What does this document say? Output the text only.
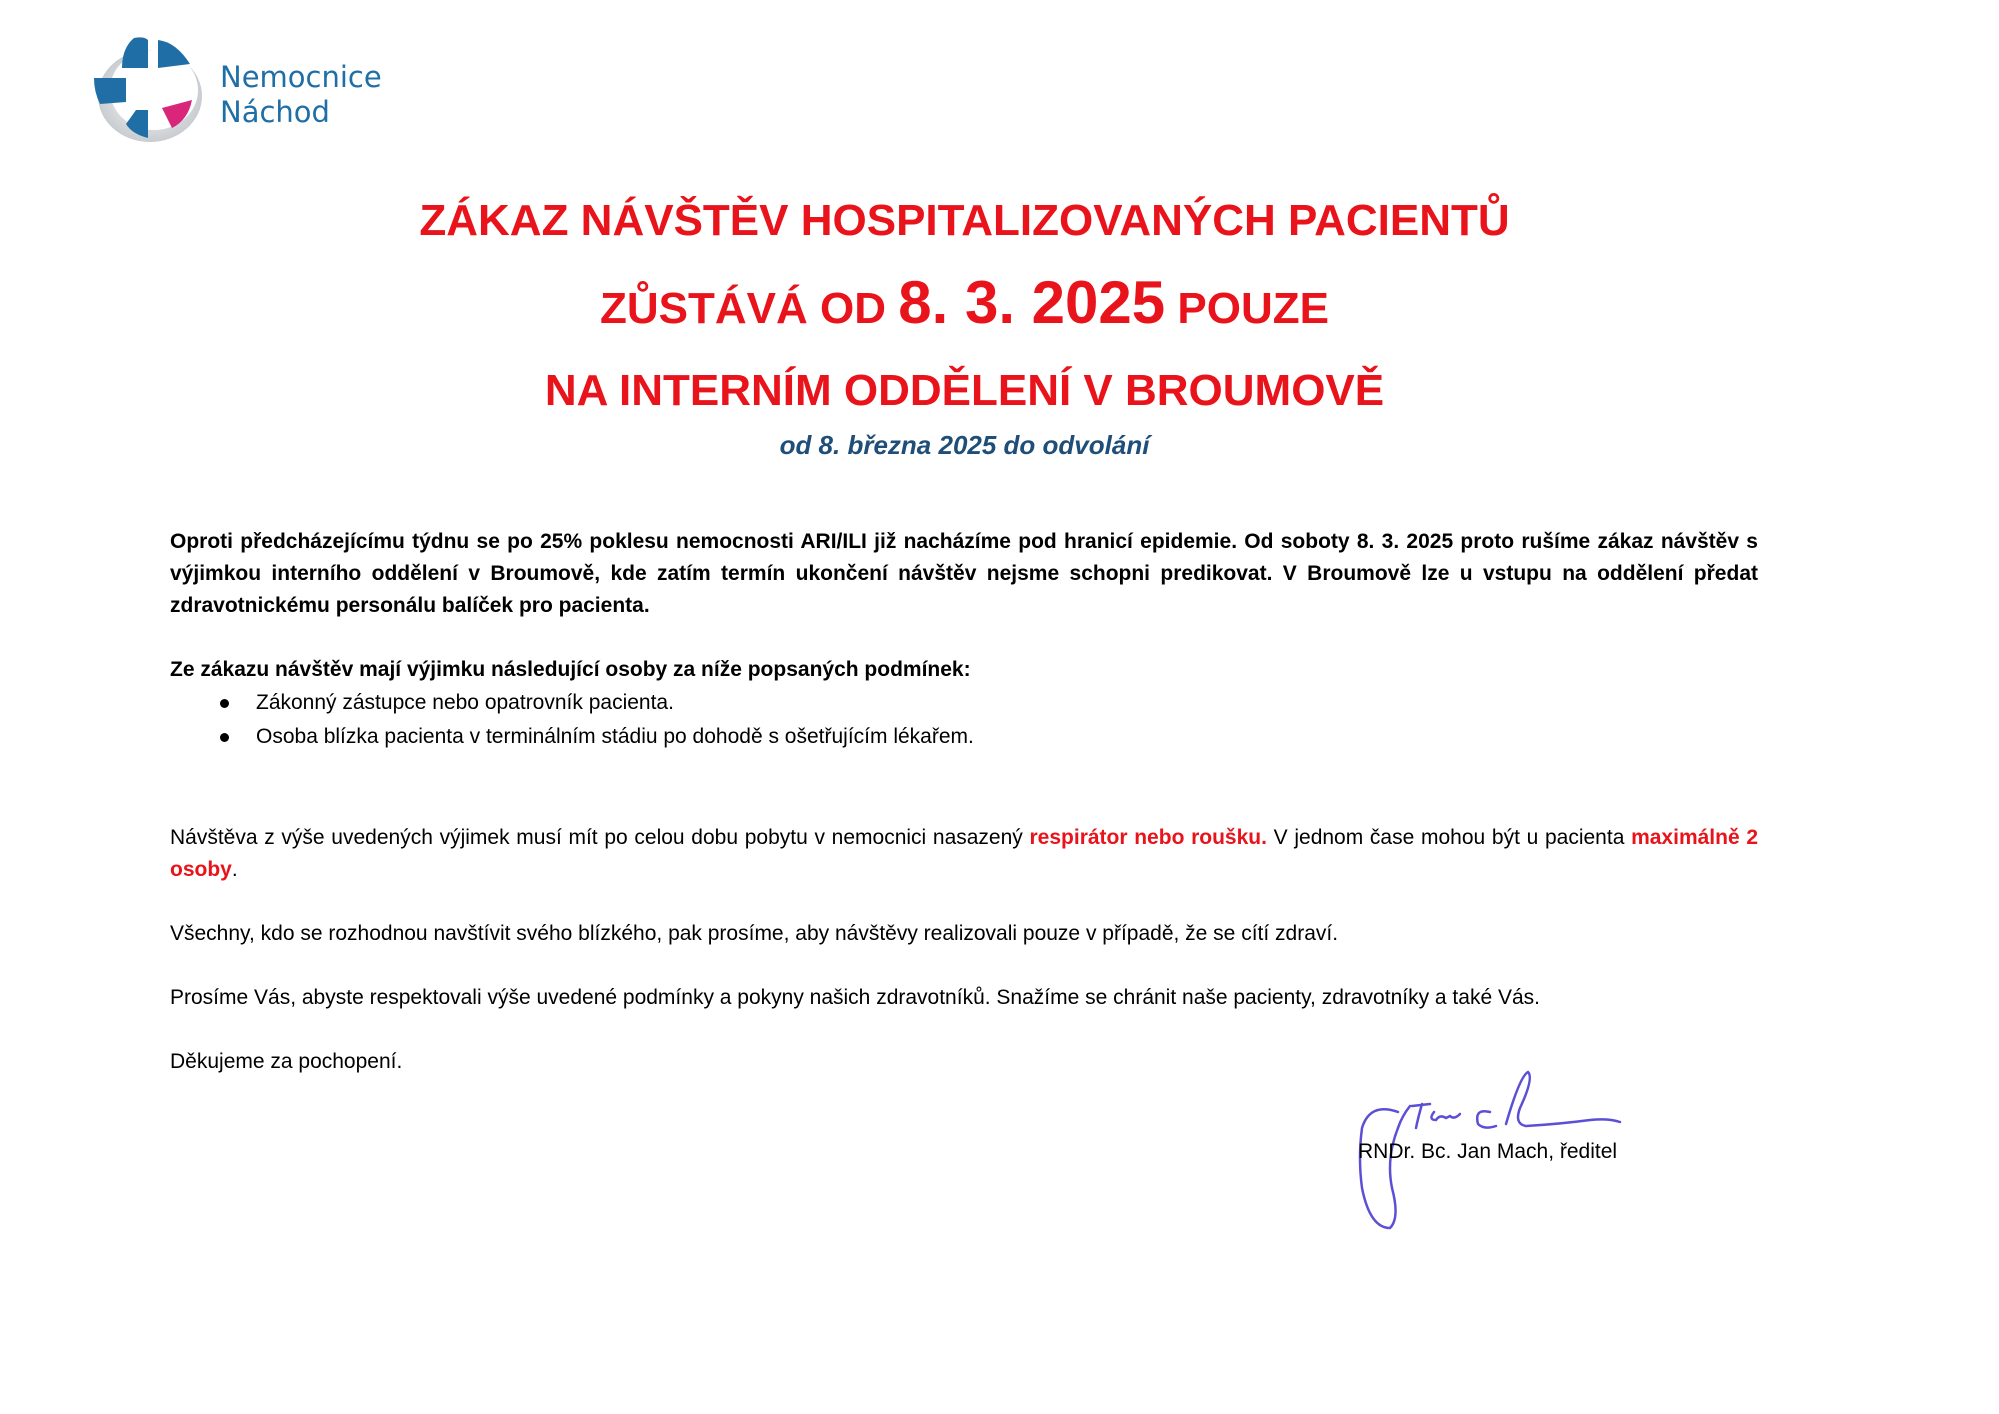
Nemocnice
Náchod
ZÁKAZ NÁVŠTĚV HOSPITALIZOVANÝCH PACIENTŮ
ZŮSTÁVÁ OD 8. 3. 2025 POUZE
NA INTERNÍM ODDĚLENÍ V BROUMOVĚ
od 8. března 2025 do odvolání

Oproti předcházejícímu týdnu se po 25% poklesu nemocnosti ARI/ILI již nacházíme pod hranicí epidemie. Od soboty 8. 3. 2025 proto rušíme zákaz návštěv s výjimkou interního oddělení v Broumově, kde zatím termín ukončení návštěv nejsme schopni predikovat. V Broumově lze u vstupu na oddělení předat zdravotnickému personálu balíček pro pacienta.

Ze zákazu návštěv mají výjimku následující osoby za níže popsaných podmínek:

Zákonný zástupce nebo opatrovník pacienta.
Osoba blízka pacienta v terminálním stádiu po dohodě s ošetřujícím lékařem.

Návštěva z výše uvedených výjimek musí mít po celou dobu pobytu v nemocnici nasazený respirátor nebo roušku. V jednom čase mohou být u pacienta maximálně 2 osoby.

Všechny, kdo se rozhodnou navštívit svého blízkého, pak prosíme, aby návštěvy realizovali pouze v případě, že se cítí zdraví.

Prosíme Vás, abyste respektovali výše uvedené podmínky a pokyny našich zdravotníků. Snažíme se chránit naše pacienty, zdravotníky a také Vás.

Děkujeme za pochopení.

RNDr. Bc. Jan Mach, ředitel
